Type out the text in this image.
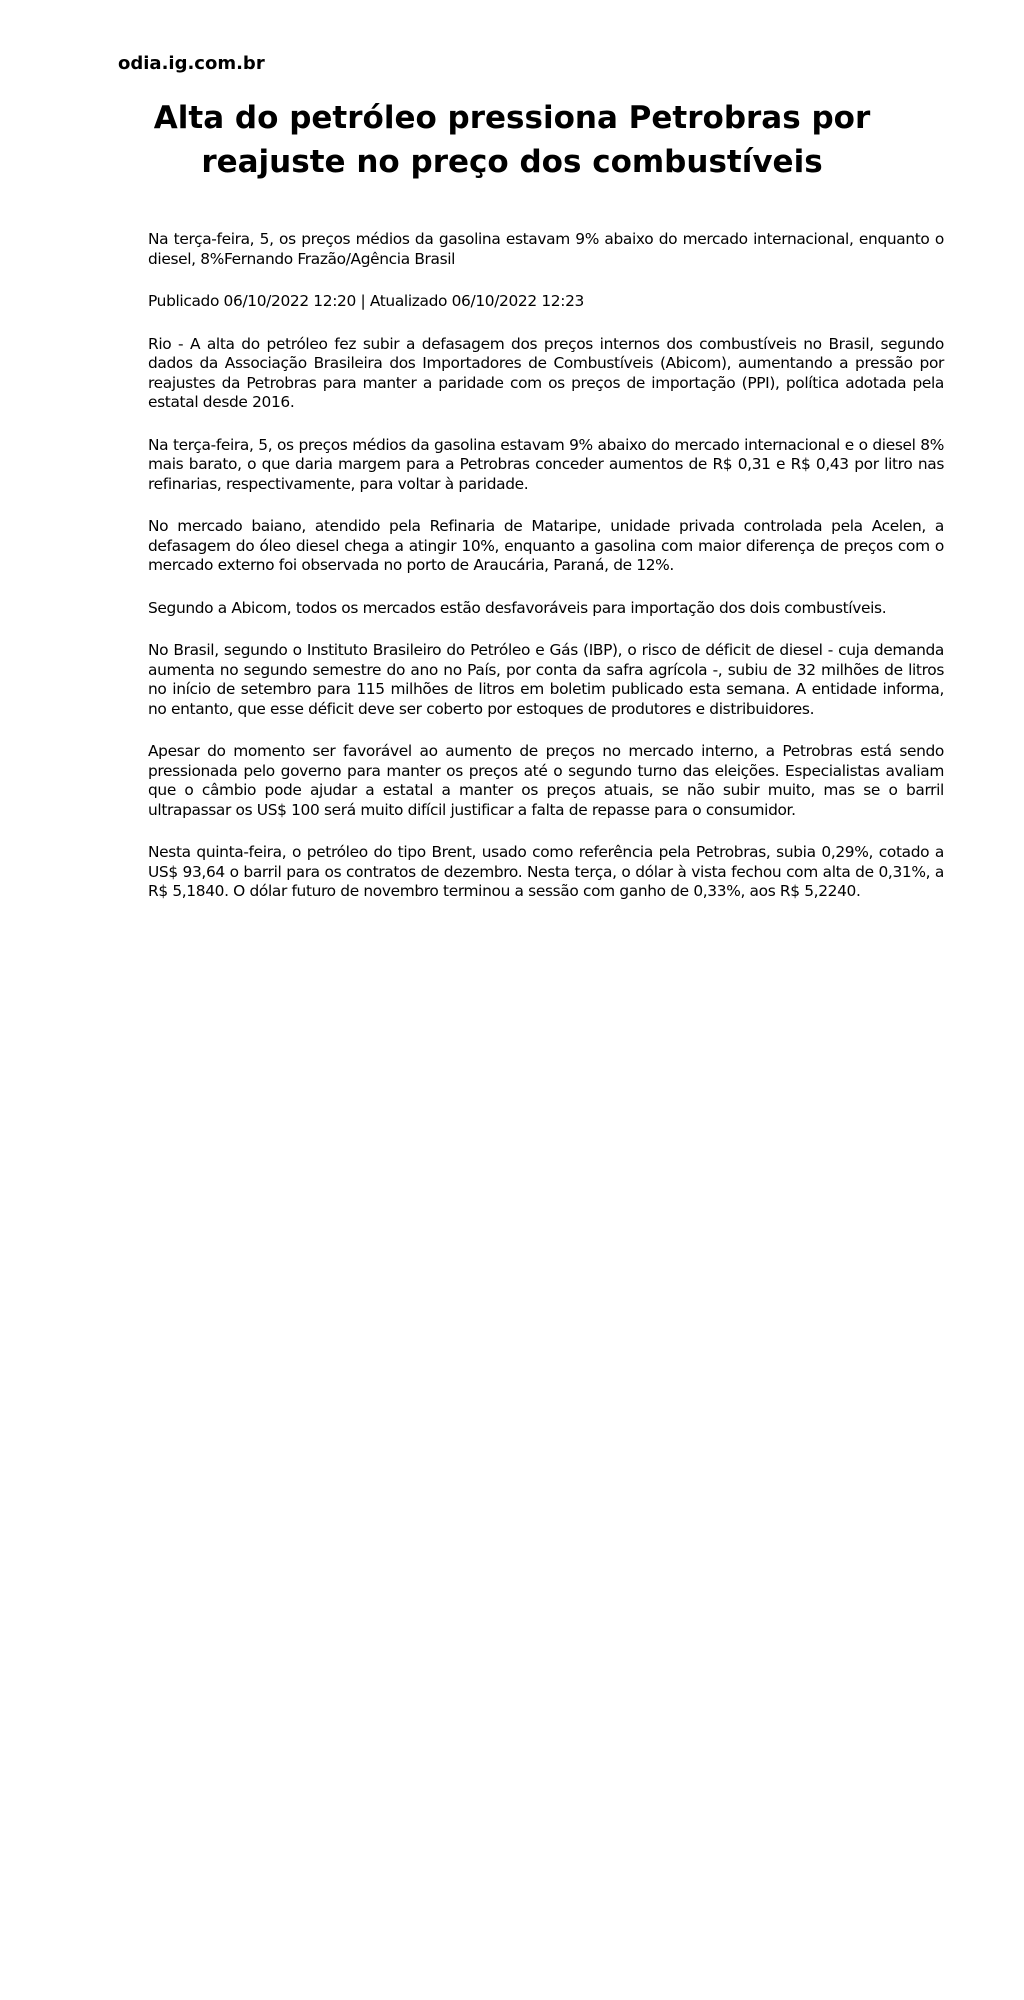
odia.ig.com.br
Alta do petróleo pressiona Petrobras por reajuste no preço dos combustíveis

Na terça-feira, 5, os preços médios da gasolina estavam 9% abaixo do mercado internacional, enquanto o diesel, 8%Fernando Frazão/Agência Brasil

Publicado 06/10/2022 12:20 | Atualizado 06/10/2022 12:23

Rio - A alta do petróleo fez subir a defasagem dos preços internos dos combustíveis no Brasil, segundo dados da Associação Brasileira dos Importadores de Combustíveis (Abicom), aumentando a pressão por reajustes da Petrobras para manter a paridade com os preços de importação (PPI), política adotada pela estatal desde 2016.

Na terça-feira, 5, os preços médios da gasolina estavam 9% abaixo do mercado internacional e o diesel 8% mais barato, o que daria margem para a Petrobras conceder aumentos de R$ 0,31 e R$ 0,43 por litro nas refinarias, respectivamente, para voltar à paridade.

No mercado baiano, atendido pela Refinaria de Mataripe, unidade privada controlada pela Acelen, a defasagem do óleo diesel chega a atingir 10%, enquanto a gasolina com maior diferença de preços com o mercado externo foi observada no porto de Araucária, Paraná, de 12%.

Segundo a Abicom, todos os mercados estão desfavoráveis para importação dos dois combustíveis.

No Brasil, segundo o Instituto Brasileiro do Petróleo e Gás (IBP), o risco de déficit de diesel - cuja demanda aumenta no segundo semestre do ano no País, por conta da safra agrícola -, subiu de 32 milhões de litros no início de setembro para 115 milhões de litros em boletim publicado esta semana. A entidade informa, no entanto, que esse déficit deve ser coberto por estoques de produtores e distribuidores.

Apesar do momento ser favorável ao aumento de preços no mercado interno, a Petrobras está sendo pressionada pelo governo para manter os preços até o segundo turno das eleições. Especialistas avaliam que o câmbio pode ajudar a estatal a manter os preços atuais, se não subir muito, mas se o barril ultrapassar os US$ 100 será muito difícil justificar a falta de repasse para o consumidor.

Nesta quinta-feira, o petróleo do tipo Brent, usado como referência pela Petrobras, subia 0,29%, cotado a US$ 93,64 o barril para os contratos de dezembro. Nesta terça, o dólar à vista fechou com alta de 0,31%, a R$ 5,1840. O dólar futuro de novembro terminou a sessão com ganho de 0,33%, aos R$ 5,2240.
